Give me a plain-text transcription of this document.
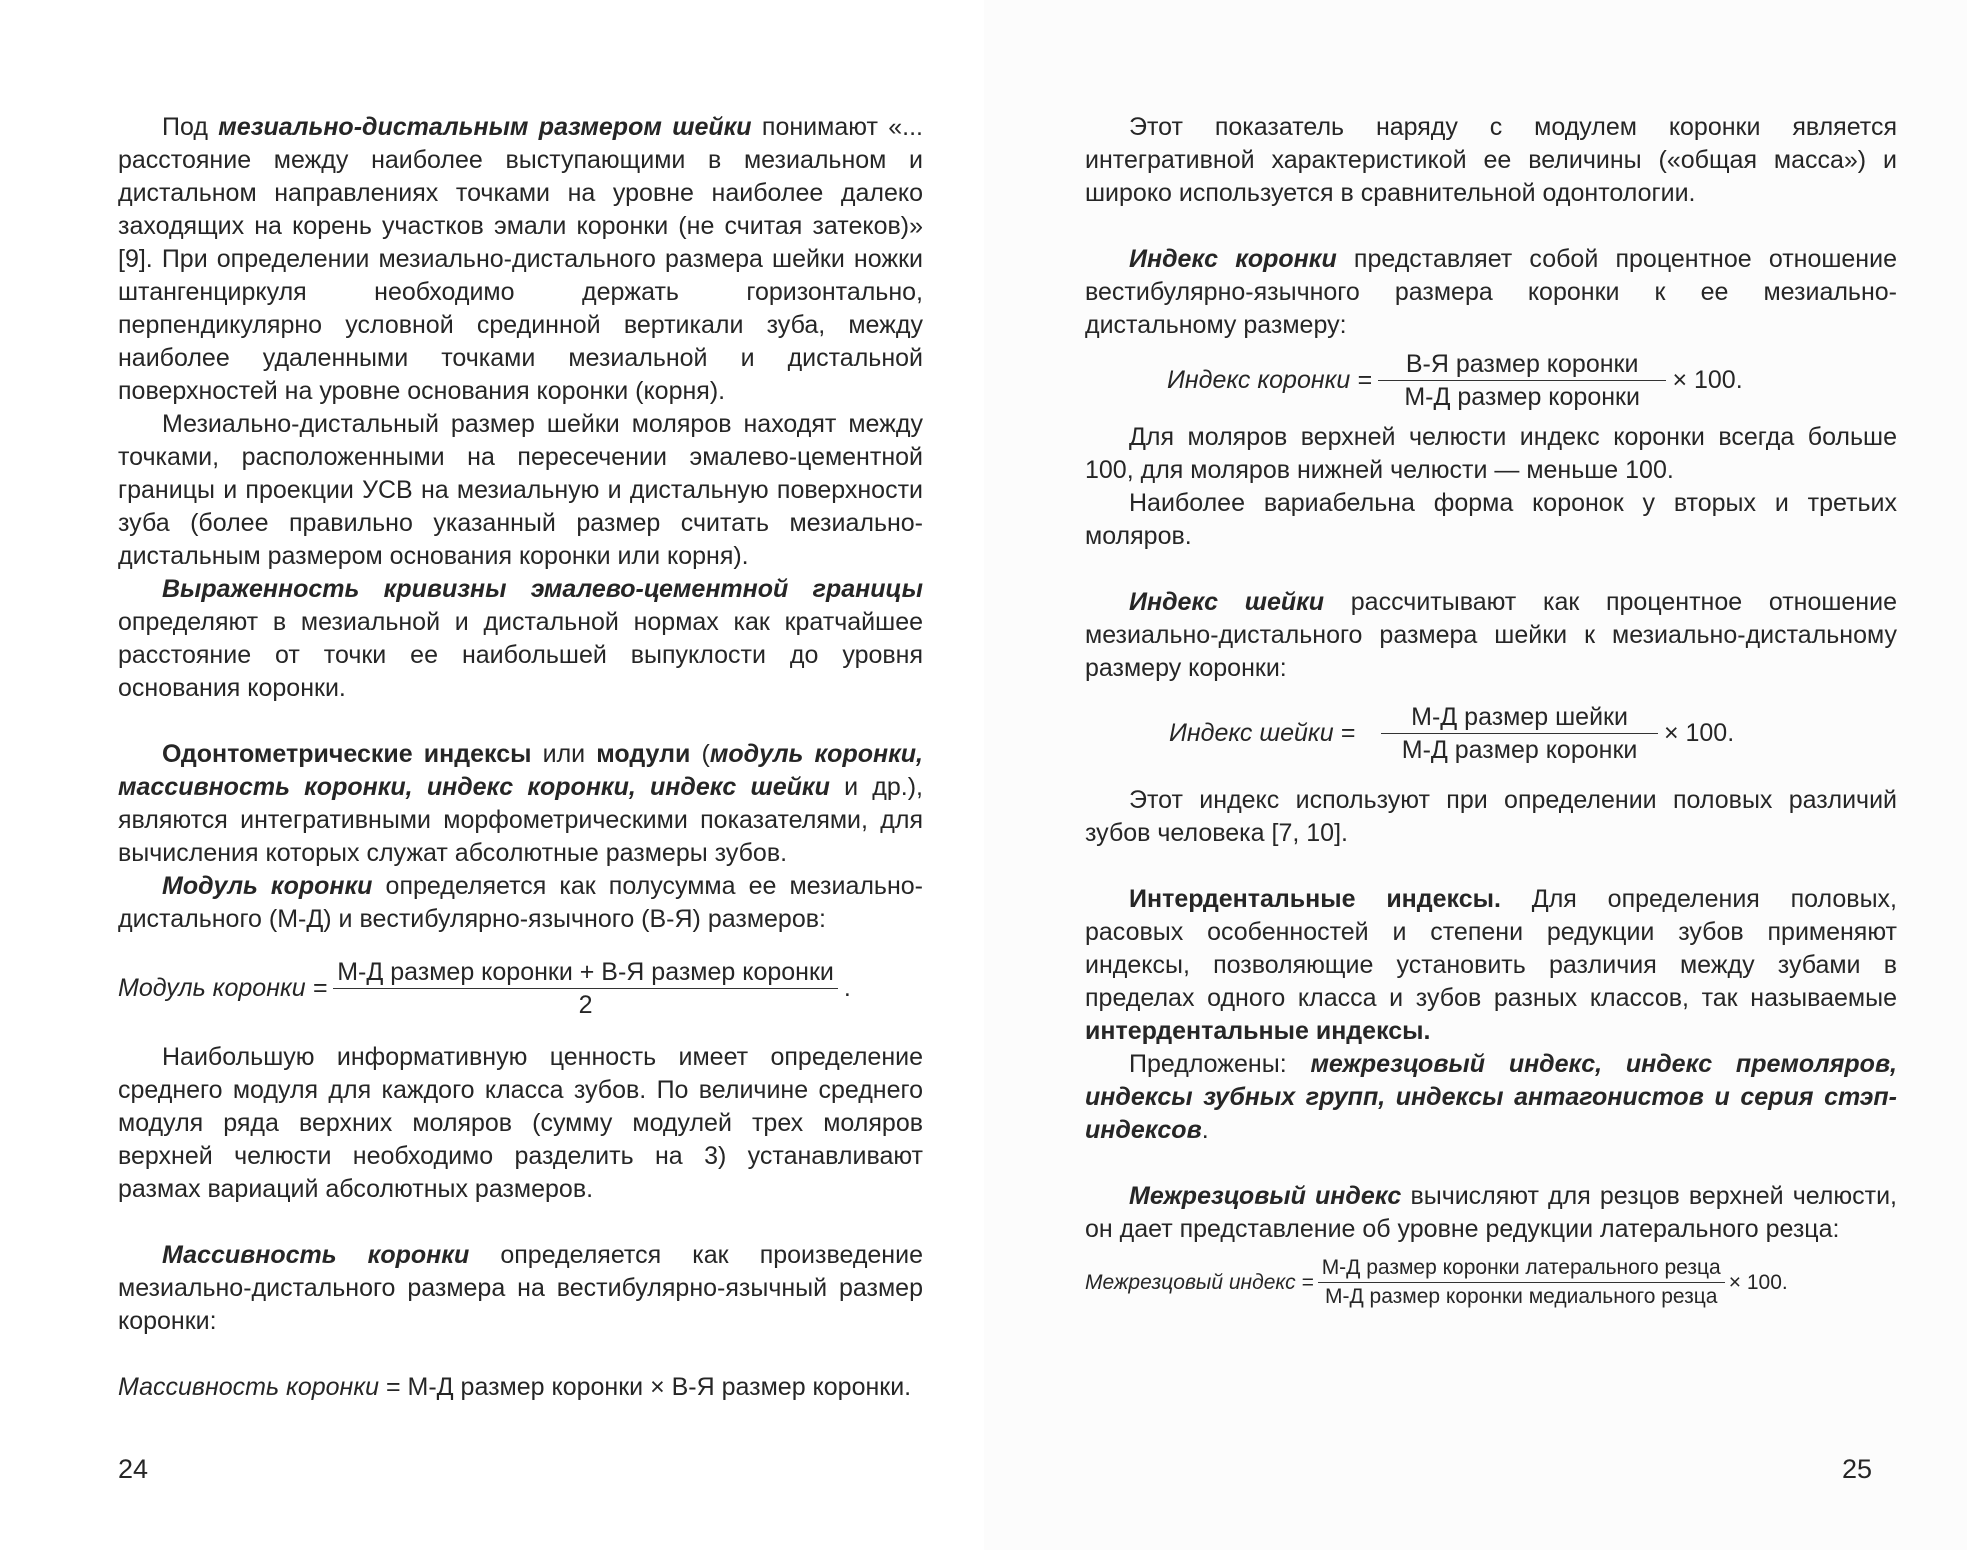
Под мезиально-дистальным размером шейки понимают «... расстояние между наиболее выступающими в мезиальном и дистальном направлениях точками на уровне наиболее далеко заходящих на корень участков эмали коронки (не считая затеков)» [9]. При определении мезиально-дистального размера шейки ножки штангенциркуля необходимо держать горизонтально, перпендикулярно условной срединной вертикали зуба, между наиболее удаленными точками мезиальной и дистальной поверхностей на уровне основания коронки (корня).

Мезиально-дистальный размер шейки моляров находят между точками, расположенными на пересечении эмалево-цементной границы и проекции УСВ на мезиальную и дистальную поверхности зуба (более правильно указанный размер считать мезиально-дистальным размером основания коронки или корня).

Выраженность кривизны эмалево-цементной границы определяют в мезиальной и дистальной нормах как кратчайшее расстояние от точки ее наибольшей выпуклости до уровня основания коронки.

Одонтометрические индексы или модули (модуль коронки, массивность коронки, индекс коронки, индекс шейки и др.), являются интегративными морфометрическими показателями, для вычисления которых служат абсолютные размеры зубов.

Модуль коронки определяется как полусумма ее мезиально-дистального (М-Д) и вестибулярно-язычного (В-Я) размеров:

Модуль коронки = $\frac{\text{М-Д размер коронки + В-Я размер коронки}}{2}$ .

Наибольшую информативную ценность имеет определение среднего модуля для каждого класса зубов. По величине среднего модуля ряда верхних моляров (сумму модулей трех моляров верхней челюсти необходимо разделить на 3) устанавливают размах вариаций абсолютных размеров.

Массивность коронки определяется как произведение мезиально-дистального размера на вестибулярно-язычный размер коронки:

Массивность коронки = М-Д размер коронки × В-Я размер коронки.

24

Этот показатель наряду с модулем коронки является интегративной характеристикой ее величины («общая масса») и широко используется в сравнительной одонтологии.

Индекс коронки представляет собой процентное отношение вестибулярно-язычного размера коронки к ее мезиально-дистальному размеру:

Индекс коронки = $\frac{\text{В-Я размер коронки}}{\text{М-Д размер коронки}} \times 100$.

Для моляров верхней челюсти индекс коронки всегда больше 100, для моляров нижней челюсти — меньше 100.

Наиболее вариабельна форма коронок у вторых и третьих моляров.

Индекс шейки рассчитывают как процентное отношение мезиально-дистального размера шейки к мезиально-дистальному размеру коронки:

Индекс шейки = $\frac{\text{М-Д размер шейки}}{\text{М-Д размер коронки}} \times 100$.

Этот индекс используют при определении половых различий зубов человека [7, 10].

Интердентальные индексы. Для определения половых, расовых особенностей и степени редукции зубов применяют индексы, позволяющие установить различия между зубами в пределах одного класса и зубов разных классов, так называемые интердентальные индексы.

Предложены: межрезцовый индекс, индекс премоляров, индексы зубных групп, индексы антагонистов и серия стэп-индексов.

Межрезцовый индекс вычисляют для резцов верхней челюсти, он дает представление об уровне редукции латерального резца:

Межрезцовый индекс = $\frac{\text{М-Д размер коронки латерального резца}}{\text{М-Д размер коронки медиального резца}} \times 100$.
25
